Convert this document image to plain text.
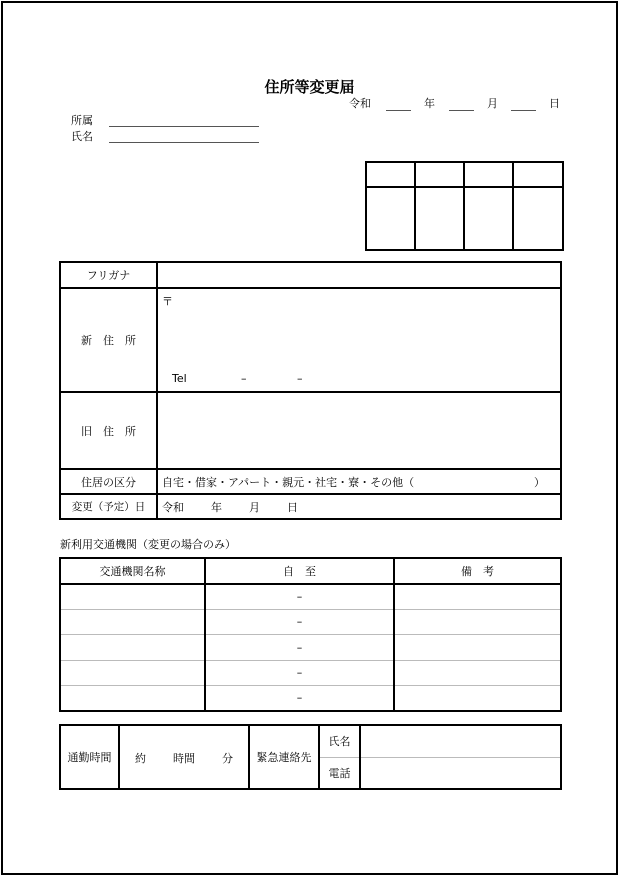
住所等変更届
令和	年	月	日
所属
氏名

フリガナ	
新　住　所	〒
Tel – –

旧　住　所	
住居の区分	自宅・借家・アパート・親元・社宅・寮・その他（ ）

変更（予定）日	令和 年 月 日
新利用交通機関（変更の場合のみ）
交通機関名称	自　至	備　考
	–	
	–	
	–	
	–	
	–	
通勤時間	約 時間 分	緊急連絡先	氏名	
			電話	
